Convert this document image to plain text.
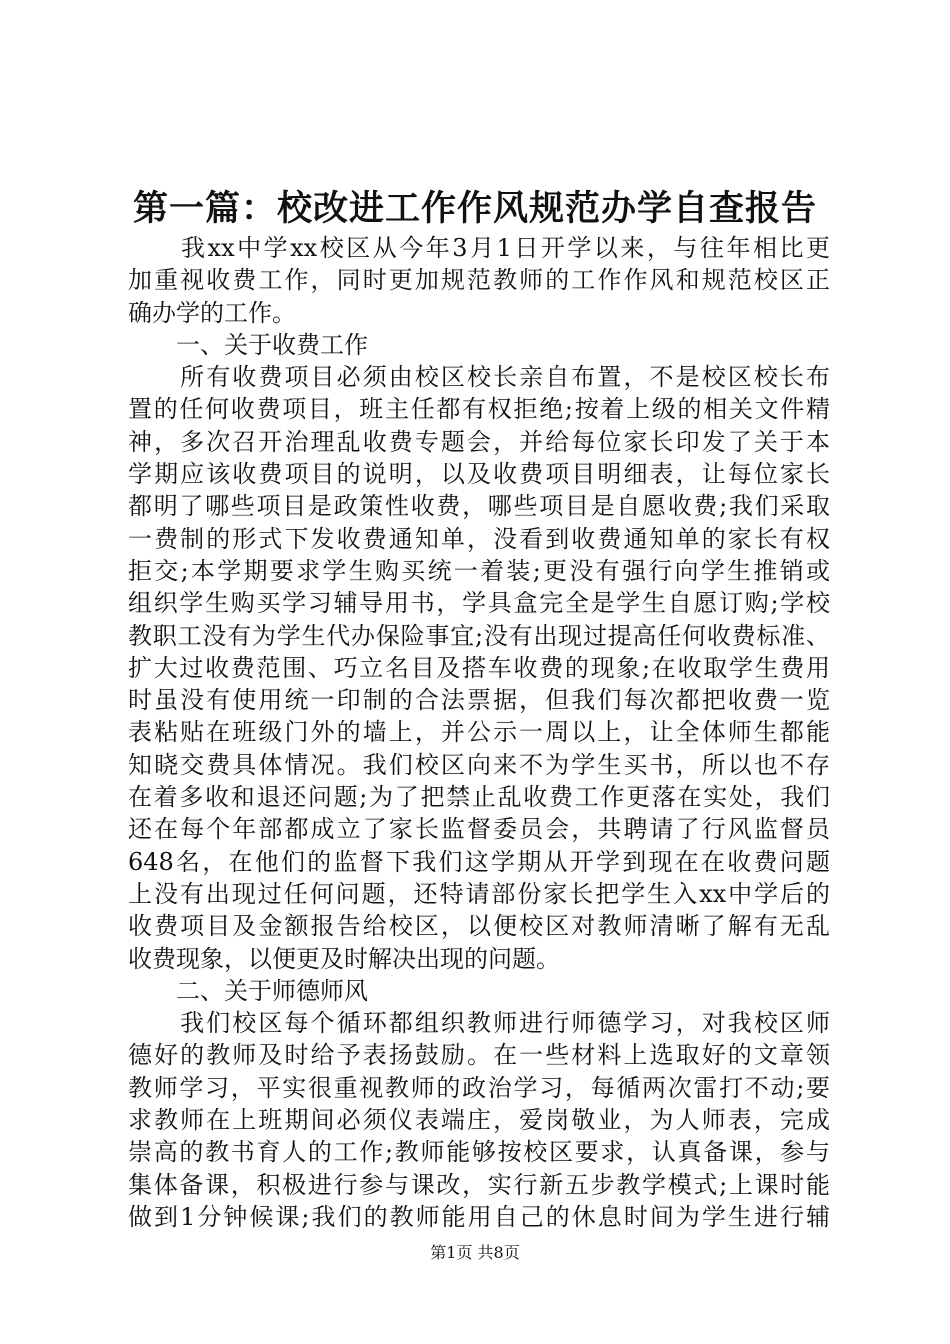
第一篇：校改进工作作风规范办学自查报告
　　我xx中学xx校区从今年3月1日开学以来，与往年相比更
加重视收费工作，同时更加规范教师的工作作风和规范校区正
确办学的工作。
　　一、关于收费工作
　　所有收费项目必须由校区校长亲自布置，不是校区校长布
置的任何收费项目，班主任都有权拒绝;按着上级的相关文件精
神，多次召开治理乱收费专题会，并给每位家长印发了关于本
学期应该收费项目的说明，以及收费项目明细表，让每位家长
都明了哪些项目是政策性收费，哪些项目是自愿收费;我们采取
一费制的形式下发收费通知单，没看到收费通知单的家长有权
拒交;本学期要求学生购买统一着装;更没有强行向学生推销或
组织学生购买学习辅导用书，学具盒完全是学生自愿订购;学校
教职工没有为学生代办保险事宜;没有出现过提高任何收费标准、
扩大过收费范围、巧立名目及搭车收费的现象;在收取学生费用
时虽没有使用统一印制的合法票据，但我们每次都把收费一览
表粘贴在班级门外的墙上，并公示一周以上，让全体师生都能
知晓交费具体情况。我们校区向来不为学生买书，所以也不存
在着多收和退还问题;为了把禁止乱收费工作更落在实处，我们
还在每个年部都成立了家长监督委员会，共聘请了行风监督员
648名，在他们的监督下我们这学期从开学到现在在收费问题
上没有出现过任何问题，还特请部份家长把学生入xx中学后的
收费项目及金额报告给校区，以便校区对教师清晰了解有无乱
收费现象，以便更及时解决出现的问题。
　　二、关于师德师风
　　我们校区每个循环都组织教师进行师德学习，对我校区师
德好的教师及时给予表扬鼓励。在一些材料上选取好的文章领
教师学习，平实很重视教师的政治学习，每循两次雷打不动;要
求教师在上班期间必须仪表端庄，爱岗敬业，为人师表，完成
崇高的教书育人的工作;教师能够按校区要求，认真备课，参与
集体备课，积极进行参与课改，实行新五步教学模式;上课时能
做到1分钟候课;我们的教师能用自己的休息时间为学生进行辅
第1页 共8页
